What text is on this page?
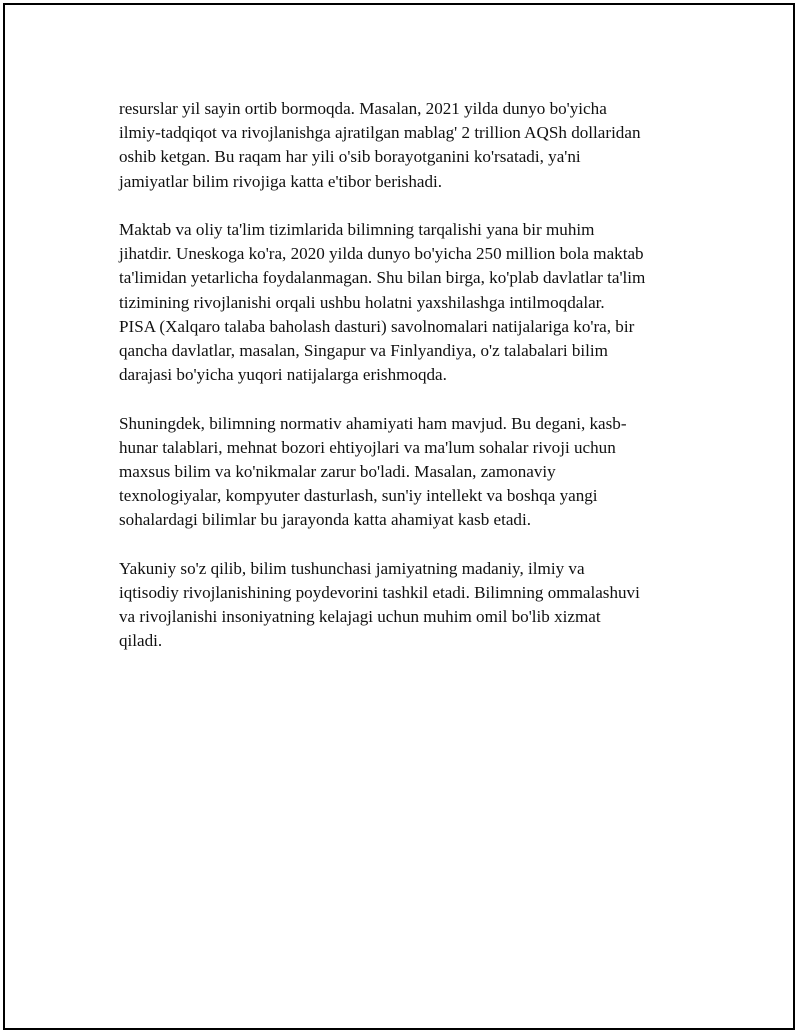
resurslar yil sayin ortib bormoqda. Masalan, 2021 yilda dunyo bo'yicha
ilmiy-tadqiqot va rivojlanishga ajratilgan mablag' 2 trillion AQSh dollaridan
oshib ketgan. Bu raqam har yili o'sib borayotganini ko'rsatadi, ya'ni
jamiyatlar bilim rivojiga katta e'tibor berishadi.

Maktab va oliy ta'lim tizimlarida bilimning tarqalishi yana bir muhim
jihatdir. Uneskoga ko'ra, 2020 yilda dunyo bo'yicha 250 million bola maktab
ta'limidan yetarlicha foydalanmagan. Shu bilan birga, ko'plab davlatlar ta'lim
tizimining rivojlanishi orqali ushbu holatni yaxshilashga intilmoqdalar.
PISA (Xalqaro talaba baholash dasturi) savolnomalari natijalariga ko'ra, bir
qancha davlatlar, masalan, Singapur va Finlyandiya, o'z talabalari bilim
darajasi bo'yicha yuqori natijalarga erishmoqda.

Shuningdek, bilimning normativ ahamiyati ham mavjud. Bu degani, kasb-
hunar talablari, mehnat bozori ehtiyojlari va ma'lum sohalar rivoji uchun
maxsus bilim va ko'nikmalar zarur bo'ladi. Masalan, zamonaviy
texnologiyalar, kompyuter dasturlash, sun'iy intellekt va boshqa yangi
sohalardagi bilimlar bu jarayonda katta ahamiyat kasb etadi.

Yakuniy so'z qilib, bilim tushunchasi jamiyatning madaniy, ilmiy va
iqtisodiy rivojlanishining poydevorini tashkil etadi. Bilimning ommalashuvi
va rivojlanishi insoniyatning kelajagi uchun muhim omil bo'lib xizmat
qiladi.
